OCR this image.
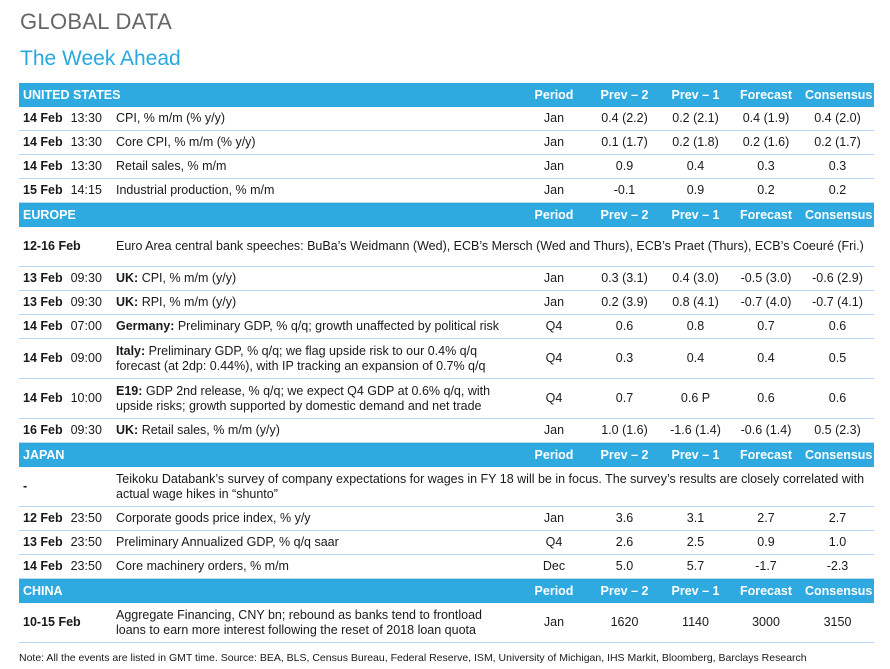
GLOBAL DATA
The Week Ahead
UNITED STATES		Period	Prev – 2	Prev – 1	Forecast	Consensus
14 Feb 13:30	CPI, % m/m (% y/y)	Jan	0.4 (2.2)	0.2 (2.1)	0.4 (1.9)	0.4 (2.0)
14 Feb 13:30	Core CPI, % m/m (% y/y)	Jan	0.1 (1.7)	0.2 (1.8)	0.2 (1.6)	0.2 (1.7)
14 Feb 13:30	Retail sales, % m/m	Jan	0.9	0.4	0.3	0.3
15 Feb 14:15	Industrial production, % m/m	Jan	-0.1	0.9	0.2	0.2
EUROPE		Period	Prev – 2	Prev – 1	Forecast	Consensus
12-16 Feb	Euro Area central bank speeches: BuBa’s Weidmann (Wed), ECB’s Mersch (Wed and Thurs), ECB’s Praet (Thurs), ECB’s Coeuré (Fri.)					
13 Feb 09:30	UK: CPI, % m/m (y/y)	Jan	0.3 (3.1)	0.4 (3.0)	-0.5 (3.0)	-0.6 (2.9)
13 Feb 09:30	UK: RPI, % m/m (y/y)	Jan	0.2 (3.9)	0.8 (4.1)	-0.7 (4.0)	-0.7 (4.1)
14 Feb 07:00	Germany: Preliminary GDP, % q/q; growth unaffected by political risk	Q4	0.6	0.8	0.7	0.6
14 Feb 09:00	Italy: Preliminary GDP, % q/q; we flag upside risk to our 0.4% q/q forecast (at 2dp: 0.44%), with IP tracking an expansion of 0.7% q/q	Q4	0.3	0.4	0.4	0.5
14 Feb 10:00	E19: GDP 2nd release, % q/q; we expect Q4 GDP at 0.6% q/q, with upside risks; growth supported by domestic demand and net trade	Q4	0.7	0.6 P	0.6	0.6
16 Feb 09:30	UK: Retail sales, % m/m (y/y)	Jan	1.0 (1.6)	-1.6 (1.4)	-0.6 (1.4)	0.5 (2.3)
JAPAN		Period	Prev – 2	Prev – 1	Forecast	Consensus
-	Teikoku Databank’s survey of company expectations for wages in FY 18 will be in focus. The survey’s results are closely correlated with actual wage hikes in “shunto”					
12 Feb 23:50	Corporate goods price index, % y/y	Jan	3.6	3.1	2.7	2.7
13 Feb 23:50	Preliminary Annualized GDP, % q/q saar	Q4	2.6	2.5	0.9	1.0
14 Feb 23:50	Core machinery orders, % m/m	Dec	5.0	5.7	-1.7	-2.3
CHINA		Period	Prev – 2	Prev – 1	Forecast	Consensus
10-15 Feb	Aggregate Financing, CNY bn; rebound as banks tend to frontload loans to earn more interest following the reset of 2018 loan quota	Jan	1620	1140	3000	3150
Note: All the events are listed in GMT time. Source: BEA, BLS, Census Bureau, Federal Reserve, ISM, University of Michigan, IHS Markit, Bloomberg, Barclays Research
